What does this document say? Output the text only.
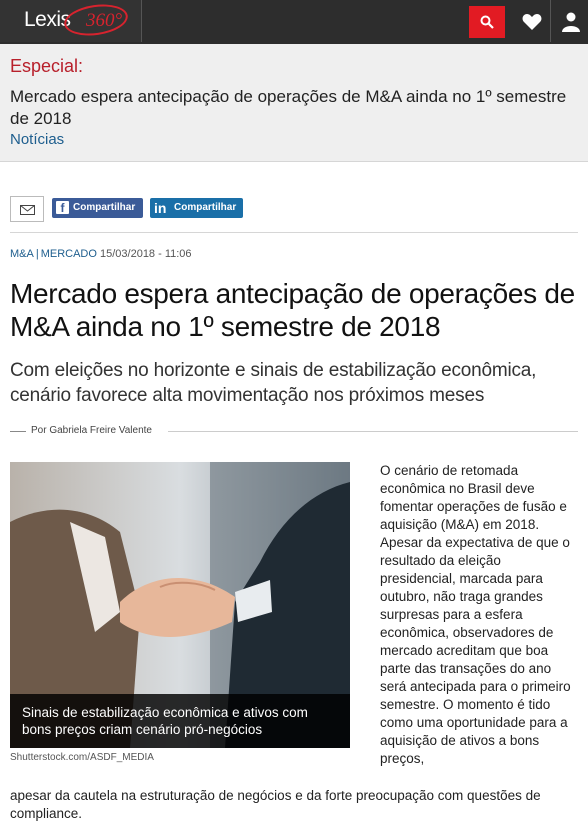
Lexis 360°
Especial:
Mercado espera antecipação de operações de M&A ainda no 1º semestre de 2018
Notícias
f Compartilhar in Compartilhar
M&A | MERCADO 15/03/2018 - 11:06
Mercado espera antecipação de operações de M&A ainda no 1º semestre de 2018
Com eleições no horizonte e sinais de estabilização econômica, cenário favorece alta movimentação nos próximos meses
Por Gabriela Freire Valente
Sinais de estabilização econômica e ativos com bons preços criam cenário pró-negócios
Shutterstock.com/ASDF_MEDIA

O cenário de retomada econômica no Brasil deve fomentar operações de fusão e aquisição (M&A) em 2018. Apesar da expectativa de que o resultado da eleição presidencial, marcada para outubro, não traga grandes surpresas para a esfera econômica, observadores de mercado acreditam que boa parte das transações do ano será antecipada para o primeiro semestre. O momento é tido como uma oportunidade para a aquisição de ativos a bons preços,

apesar da cautela na estruturação de negócios e da forte preocupação com questões de compliance.
